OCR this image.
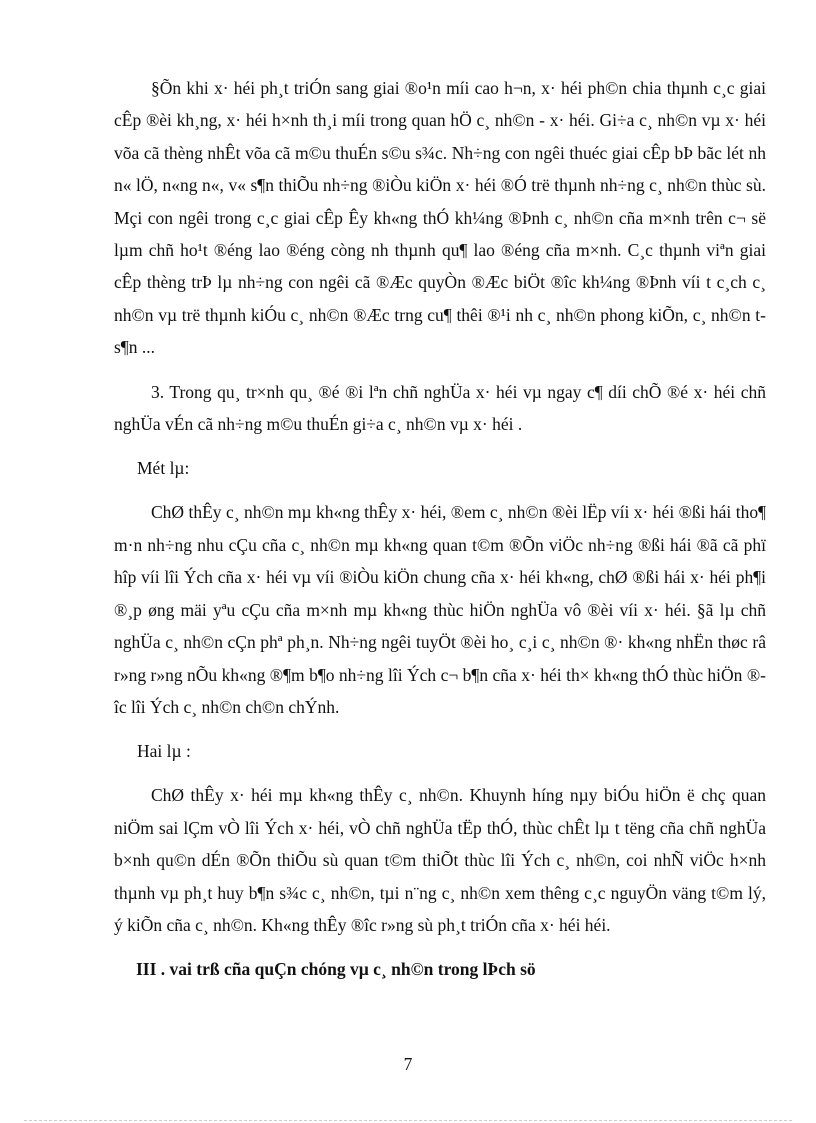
§Õn khi x· héi ph¸t triÓn sang giai ®o¹n míi cao h¬n, x· héi ph©n chia thµnh c¸c giai cÊp ®èi kh¸ng, x· héi h×nh th¸i míi trong quan hÖ c¸ nh©n - x· héi. Gi÷a c¸ nh©n vµ x· héi võa cã thèng nhÊt võa cã m©u thuÉn s©u s¾c. Nh÷ng con ngêi thuéc giai cÊp bÞ bãc lét nh n« lÖ, n«ng n«, v« s¶n thiÕu nh÷ng ®iÒu kiÖn x· héi ®Ó trë thµnh nh÷ng c¸ nh©n thùc sù. Mçi con ngêi trong c¸c giai cÊp Êy kh«ng thÓ kh¼ng ®Þnh c¸ nh©n cña m×nh trên c¬ së lµm chñ ho¹t ®éng lao ®éng còng nh thµnh qu¶ lao ®éng cña m×nh. C¸c thµnh viªn giai cÊp thèng trÞ lµ nh÷ng con ngêi cã ®Æc quyÒn ®Æc biÖt ®îc kh¼ng ®Þnh víi t c¸ch c¸ nh©n vµ trë thµnh kiÓu c¸ nh©n ®Æc trng cu¶ thêi ®¹i nh c¸ nh©n phong kiÕn, c¸ nh©n t s¶n ...

3. Trong qu¸ tr×nh qu¸ ®é ®i lªn chñ nghÜa x· héi vµ ngay c¶ díi chÕ ®é x· héi chñ nghÜa vÉn cã nh÷ng m©u thuÉn gi÷a c¸ nh©n vµ x· héi .

Mét lµ:

ChØ thÊy c¸ nh©n mµ kh«ng thÊy x· héi, ®em c¸ nh©n ®èi lËp víi x· héi ®ßi hái tho¶ m·n nh÷ng nhu cÇu cña c¸ nh©n mµ kh«ng quan t©m ®Õn viÖc nh÷ng ®ßi hái ®ã cã phï hîp víi lîi Ých cña x· héi vµ víi ®iÒu kiÖn chung cña x· héi kh«ng, chØ ®ßi hái x· héi ph¶i ®¸p øng mäi yªu cÇu cña m×nh mµ kh«ng thùc hiÖn nghÜa vô ®èi víi x· héi. §ã lµ chñ nghÜa c¸ nh©n cÇn phª ph¸n. Nh÷ng ngêi tuyÖt ®èi ho¸ c¸i c¸ nh©n ®· kh«ng nhËn thøc râ r»ng r»ng nÕu kh«ng ®¶m b¶o nh÷ng lîi Ých c¬ b¶n cña x· héi th× kh«ng thÓ thùc hiÖn ®îc lîi Ých c¸ nh©n ch©n chÝnh.

Hai lµ :

ChØ thÊy x· héi mµ kh«ng thÊy c¸ nh©n. Khuynh híng nµy biÓu hiÖn ë chç quan niÖm sai lÇm vÒ lîi Ých x· héi, vÒ chñ nghÜa tËp thÓ, thùc chÊt lµ t tëng cña chñ nghÜa b×nh qu©n dÉn ®Õn thiÕu sù quan t©m thiÕt thùc lîi Ých c¸ nh©n, coi nhÑ viÖc h×nh thµnh vµ ph¸t huy b¶n s¾c c¸ nh©n, tµi n¨ng c¸ nh©n xem thêng c¸c nguyÖn väng t©m lý, ý kiÕn cña c¸ nh©n. Kh«ng thÊy ®îc r»ng sù ph¸t triÓn cña x· héi héi.

III . vai trß cña quÇn chóng vµ c¸ nh©n trong lÞch sö

7
